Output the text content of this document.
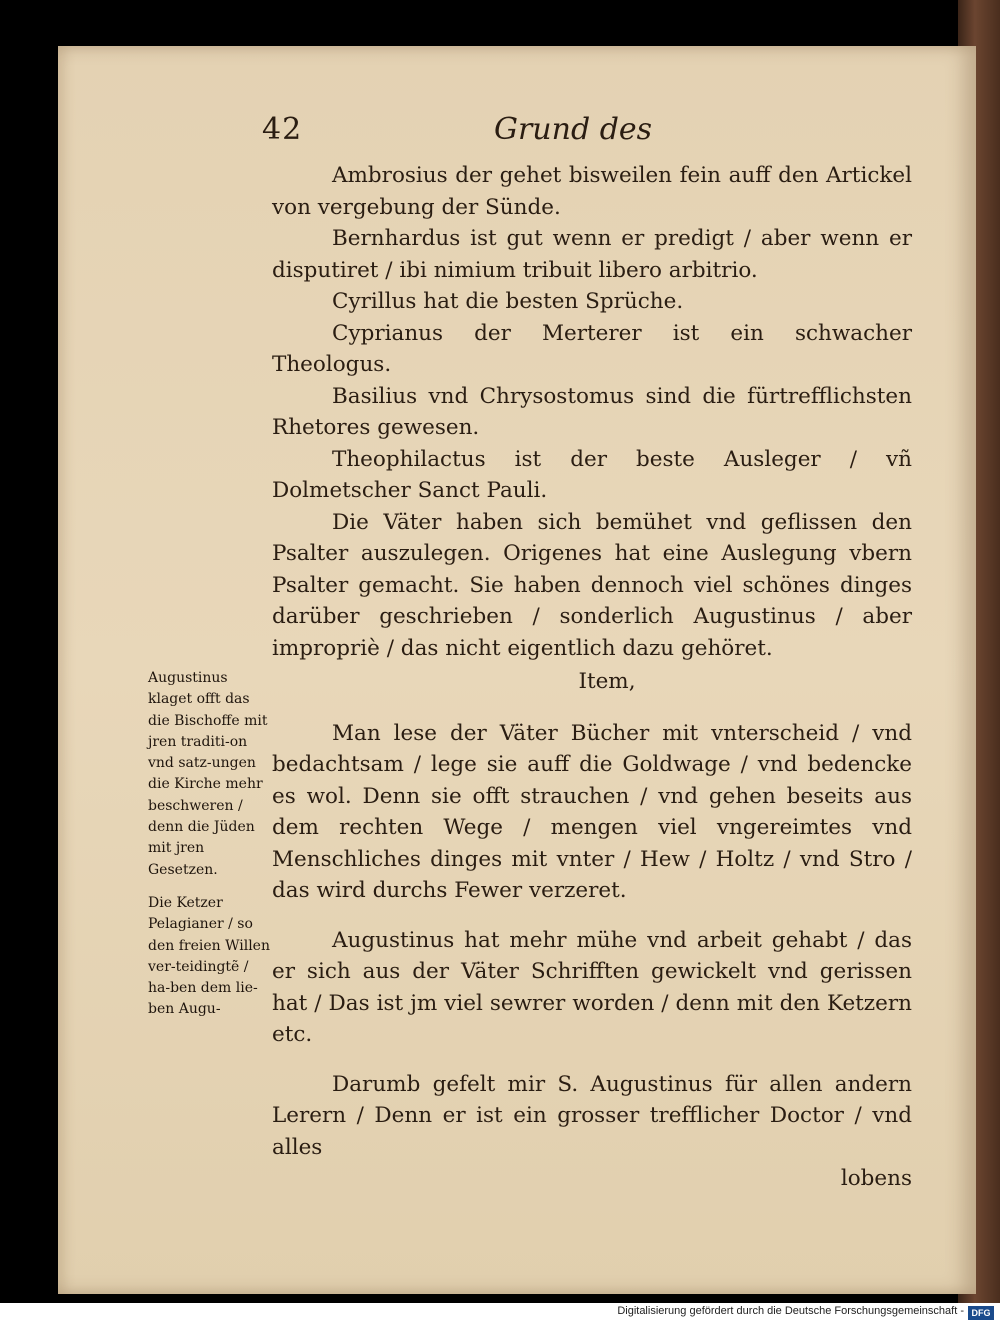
42	Grund des

Ambrosius der gehet bisweilen fein auff den Artickel von vergebung der Sünde.

Bernhardus ist gut wenn er predigt / aber wenn er disputiret / ibi nimium tribuit libero arbitrio.

Cyrillus hat die besten Sprüche.

Cyprianus der Merterer ist ein schwacher Theologus.

Basilius vnd Chrysostomus sind die fürtrefflichsten Rhetores gewesen.

Theophilactus ist der beste Ausleger / vñ Dolmetscher Sanct Pauli.

Die Väter haben sich bemühet vnd geflissen den Psalter auszulegen. Origenes hat eine Auslegung vbern Psalter gemacht. Sie haben dennoch viel schönes dinges darüber geschrieben / sonderlich Augustinus / aber impropriè / das nicht eigentlich dazu gehöret.

Item,

Man lese der Väter Bücher mit vnterscheid / vnd bedachtsam / lege sie auff die Goldwage / vnd bedencke es wol. Denn sie offt strauchen / vnd gehen beseits aus dem rechten Wege / mengen viel vngereimtes vnd Menschliches dinges mit vnter / Hew / Holtz / vnd Stro / das wird durchs Fewer verzeret.

Augustinus hat mehr mühe vnd arbeit gehabt / das er sich aus der Väter Schrifften gewickelt vnd gerissen hat / Das ist jm viel sewrer worden / denn mit den Ketzern etc.

Darumb gefelt mir S. Augustinus für allen andern Lerern / Denn er ist ein grosser trefflicher Doctor / vnd alles

lobens

Augustinus klaget offt das die Bischoffe mit jren traditi-on vnd satz-ungen die Kirche mehr beschweren / denn die Jüden mit jren Gesetzen.

Die Ketzer Pelagianer / so den freien Willen ver-teidingtẽ / ha-ben dem lie-ben Augu-

Digitalisierung gefördert durch die Deutsche Forschungsgemeinschaft - DFG
